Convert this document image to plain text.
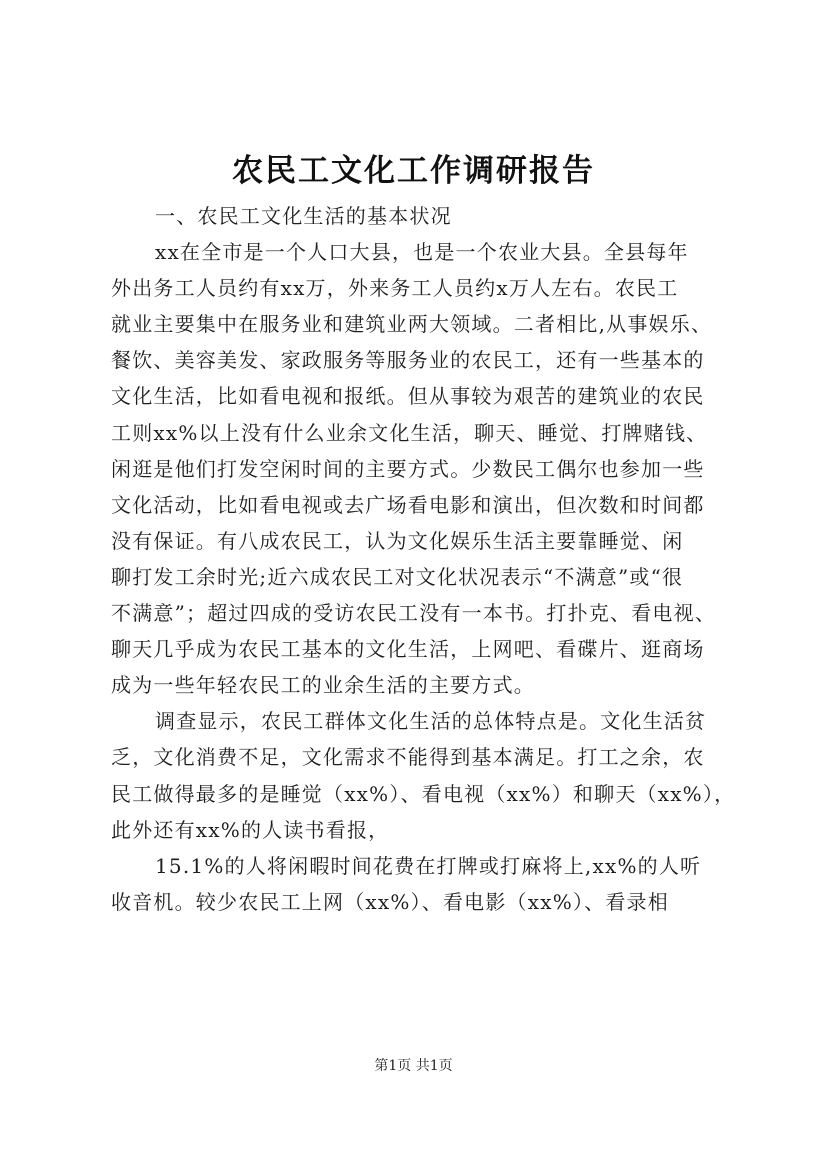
农民工文化工作调研报告
一、农民工文化生活的基本状况
xx在全市是一个人口大县，也是一个农业大县。全县每年
外出务工人员约有xx万，外来务工人员约x万人左右。农民工
就业主要集中在服务业和建筑业两大领域。二者相比,从事娱乐、
餐饮、美容美发、家政服务等服务业的农民工，还有一些基本的
文化生活，比如看电视和报纸。但从事较为艰苦的建筑业的农民
工则xx%以上没有什么业余文化生活，聊天、睡觉、打牌赌钱、
闲逛是他们打发空闲时间的主要方式。少数民工偶尔也参加一些
文化活动，比如看电视或去广场看电影和演出，但次数和时间都
没有保证。有八成农民工，认为文化娱乐生活主要靠睡觉、闲
聊打发工余时光;近六成农民工对文化状况表示“不满意”或“很
不满意”；超过四成的受访农民工没有一本书。打扑克、看电视、
聊天几乎成为农民工基本的文化生活，上网吧、看碟片、逛商场
成为一些年轻农民工的业余生活的主要方式。
调查显示，农民工群体文化生活的总体特点是。文化生活贫
乏，文化消费不足，文化需求不能得到基本满足。打工之余，农
民工做得最多的是睡觉（xx%）、看电视（xx%）和聊天（xx%），
此外还有xx%的人读书看报，
15.1%的人将闲暇时间花费在打牌或打麻将上,xx%的人听
收音机。较少农民工上网（xx%）、看电影（xx%）、看录相
第1页 共1页
